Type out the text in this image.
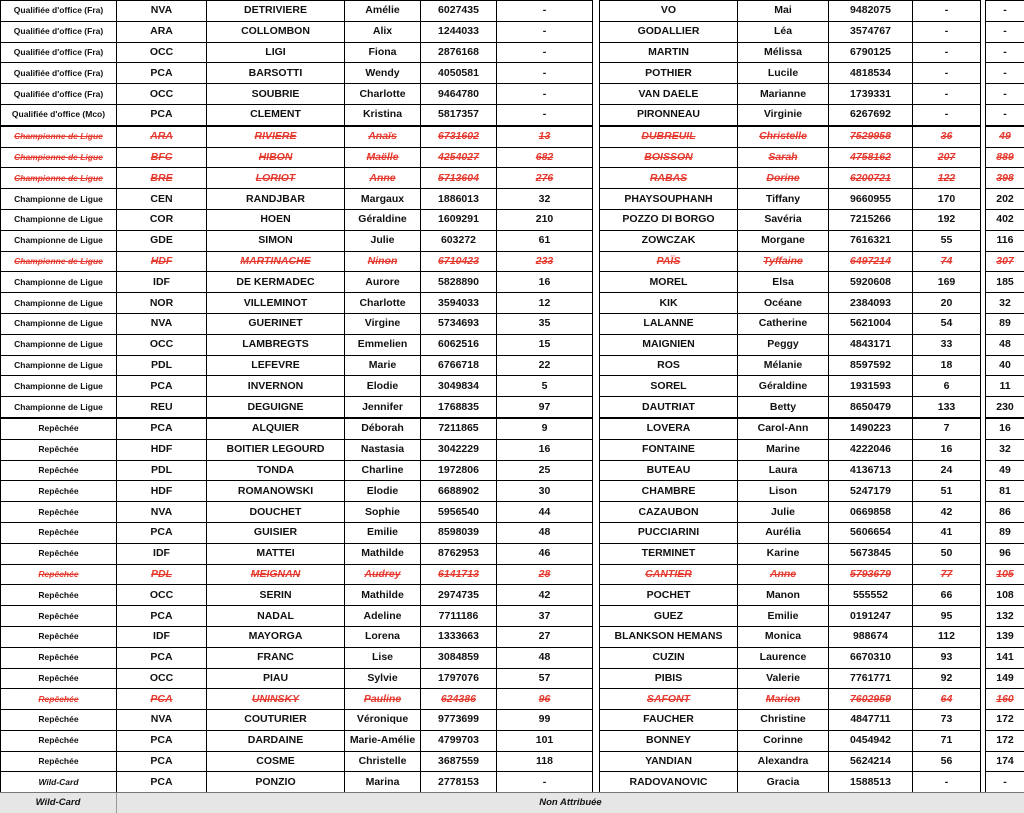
Qualifiée d'office (Fra)	NVA	DETRIVIERE	Amélie	6027435	-		VO	Mai	9482075	-		-
Qualifiée d'office (Fra)	ARA	COLLOMBON	Alix	1244033	-		GODALLIER	Léa	3574767	-		-
Qualifiée d'office (Fra)	OCC	LIGI	Fiona	2876168	-		MARTIN	Mélissa	6790125	-		-
Qualifiée d'office (Fra)	PCA	BARSOTTI	Wendy	4050581	-		POTHIER	Lucile	4818534	-		-
Qualifiée d'office (Fra)	OCC	SOUBRIE	Charlotte	9464780	-		VAN DAELE	Marianne	1739331	-		-
Qualifiée d'office (Mco)	PCA	CLEMENT	Kristina	5817357	-		PIRONNEAU	Virginie	6267692	-		-
Championne de Ligue	ARA	RIVIERE	Anaïs	6731602	13		DUBREUIL	Christelle	7529958	36		49
Championne de Ligue	BFC	HIBON	Maëlle	4254027	682		BOISSON	Sarah	4758162	207		889
Championne de Ligue	BRE	LORIOT	Anne	5713604	276		RABAS	Dorine	6200721	122		398
Championne de Ligue	CEN	RANDJBAR	Margaux	1886013	32		PHAYSOUPHANH	Tiffany	9660955	170		202
Championne de Ligue	COR	HOEN	Géraldine	1609291	210		POZZO DI BORGO	Savéria	7215266	192		402
Championne de Ligue	GDE	SIMON	Julie	603272	61		ZOWCZAK	Morgane	7616321	55		116
Championne de Ligue	HDF	MARTINACHE	Ninon	6710423	233		PAÏS	Tyffaine	6497214	74		307
Championne de Ligue	IDF	DE KERMADEC	Aurore	5828890	16		MOREL	Elsa	5920608	169		185
Championne de Ligue	NOR	VILLEMINOT	Charlotte	3594033	12		KIK	Océane	2384093	20		32
Championne de Ligue	NVA	GUERINET	Virgine	5734693	35		LALANNE	Catherine	5621004	54		89
Championne de Ligue	OCC	LAMBREGTS	Emmelien	6062516	15		MAIGNIEN	Peggy	4843171	33		48
Championne de Ligue	PDL	LEFEVRE	Marie	6766718	22		ROS	Mélanie	8597592	18		40
Championne de Ligue	PCA	INVERNON	Elodie	3049834	5		SOREL	Géraldine	1931593	6		11
Championne de Ligue	REU	DEGUIGNE	Jennifer	1768835	97		DAUTRIAT	Betty	8650479	133		230
Repêchée	PCA	ALQUIER	Déborah	7211865	9		LOVERA	Carol-Ann	1490223	7		16
Repêchée	HDF	BOITIER LEGOURD	Nastasia	3042229	16		FONTAINE	Marine	4222046	16		32
Repêchée	PDL	TONDA	Charline	1972806	25		BUTEAU	Laura	4136713	24		49
Repêchée	HDF	ROMANOWSKI	Elodie	6688902	30		CHAMBRE	Lison	5247179	51		81
Repêchée	NVA	DOUCHET	Sophie	5956540	44		CAZAUBON	Julie	0669858	42		86
Repêchée	PCA	GUISIER	Emilie	8598039	48		PUCCIARINI	Aurélia	5606654	41		89
Repêchée	IDF	MATTEI	Mathilde	8762953	46		TERMINET	Karine	5673845	50		96
Repêchée	PDL	MEIGNAN	Audrey	6141713	28		CANTIER	Anne	5793679	77		105
Repêchée	OCC	SERIN	Mathilde	2974735	42		POCHET	Manon	555552	66		108
Repêchée	PCA	NADAL	Adeline	7711186	37		GUEZ	Emilie	0191247	95		132
Repêchée	IDF	MAYORGA	Lorena	1333663	27		BLANKSON HEMANS	Monica	988674	112		139
Repêchée	PCA	FRANC	Lise	3084859	48		CUZIN	Laurence	6670310	93		141
Repêchée	OCC	PIAU	Sylvie	1797076	57		PIBIS	Valerie	7761771	92		149
Repêchée	PCA	UNINSKY	Pauline	624386	96		SAFONT	Marion	7602959	64		160
Repêchée	NVA	COUTURIER	Véronique	9773699	99		FAUCHER	Christine	4847711	73		172
Repêchée	PCA	DARDAINE	Marie-Amélie	4799703	101		BONNEY	Corinne	0454942	71		172
Repêchée	PCA	COSME	Christelle	3687559	118		YANDIAN	Alexandra	5624214	56		174
Wild-Card	PCA	PONZIO	Marina	2778153	-		RADOVANOVIC	Gracia	1588513	-		-
Wild-Card	Non Attribuée
